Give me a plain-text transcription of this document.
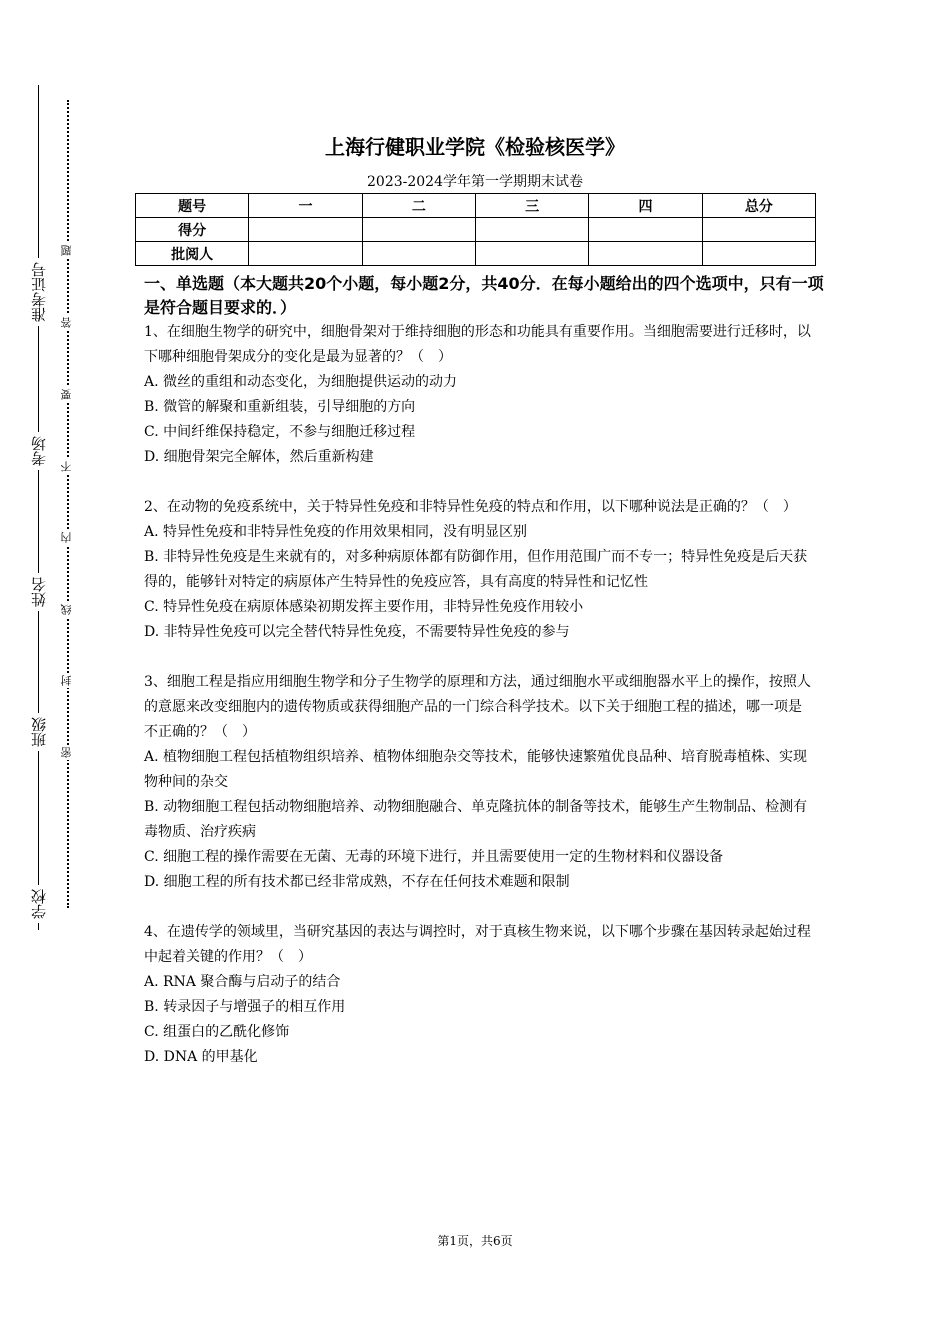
准考证号
考场
姓名
班级
学校
题
答
要
不
内
线
封
密
上海行健职业学院《检验核医学》
2023-2024学年第一学期期末试卷
题号	一	二	三	四	总分
得分					
批阅人					
一、单选题（本大题共20个小题，每小题2分，共40分．在每小题给出的四个选项中，只有一项是符合题目要求的．）

1、在细胞生物学的研究中，细胞骨架对于维持细胞的形态和功能具有重要作用。当细胞需要进行迁移时，以下哪种细胞骨架成分的变化是最为显著的？（　）

A. 微丝的重组和动态变化，为细胞提供运动的动力

B. 微管的解聚和重新组装，引导细胞的方向

C. 中间纤维保持稳定，不参与细胞迁移过程

D. 细胞骨架完全解体，然后重新构建

2、在动物的免疫系统中，关于特异性免疫和非特异性免疫的特点和作用，以下哪种说法是正确的？（　）

A. 特异性免疫和非特异性免疫的作用效果相同，没有明显区别

B. 非特异性免疫是生来就有的，对多种病原体都有防御作用，但作用范围广而不专一；特异性免疫是后天获得的，能够针对特定的病原体产生特异性的免疫应答，具有高度的特异性和记忆性

C. 特异性免疫在病原体感染初期发挥主要作用，非特异性免疫作用较小

D. 非特异性免疫可以完全替代特异性免疫，不需要特异性免疫的参与

3、细胞工程是指应用细胞生物学和分子生物学的原理和方法，通过细胞水平或细胞器水平上的操作，按照人的意愿来改变细胞内的遗传物质或获得细胞产品的一门综合科学技术。以下关于细胞工程的描述，哪一项是不正确的？（　）

A. 植物细胞工程包括植物组织培养、植物体细胞杂交等技术，能够快速繁殖优良品种、培育脱毒植株、实现物种间的杂交

B. 动物细胞工程包括动物细胞培养、动物细胞融合、单克隆抗体的制备等技术，能够生产生物制品、检测有毒物质、治疗疾病

C. 细胞工程的操作需要在无菌、无毒的环境下进行，并且需要使用一定的生物材料和仪器设备

D. 细胞工程的所有技术都已经非常成熟，不存在任何技术难题和限制

4、在遗传学的领域里，当研究基因的表达与调控时，对于真核生物来说，以下哪个步骤在基因转录起始过程中起着关键的作用？（　）

A. RNA 聚合酶与启动子的结合

B. 转录因子与增强子的相互作用

C. 组蛋白的乙酰化修饰

D. DNA 的甲基化

第1页，共6页
